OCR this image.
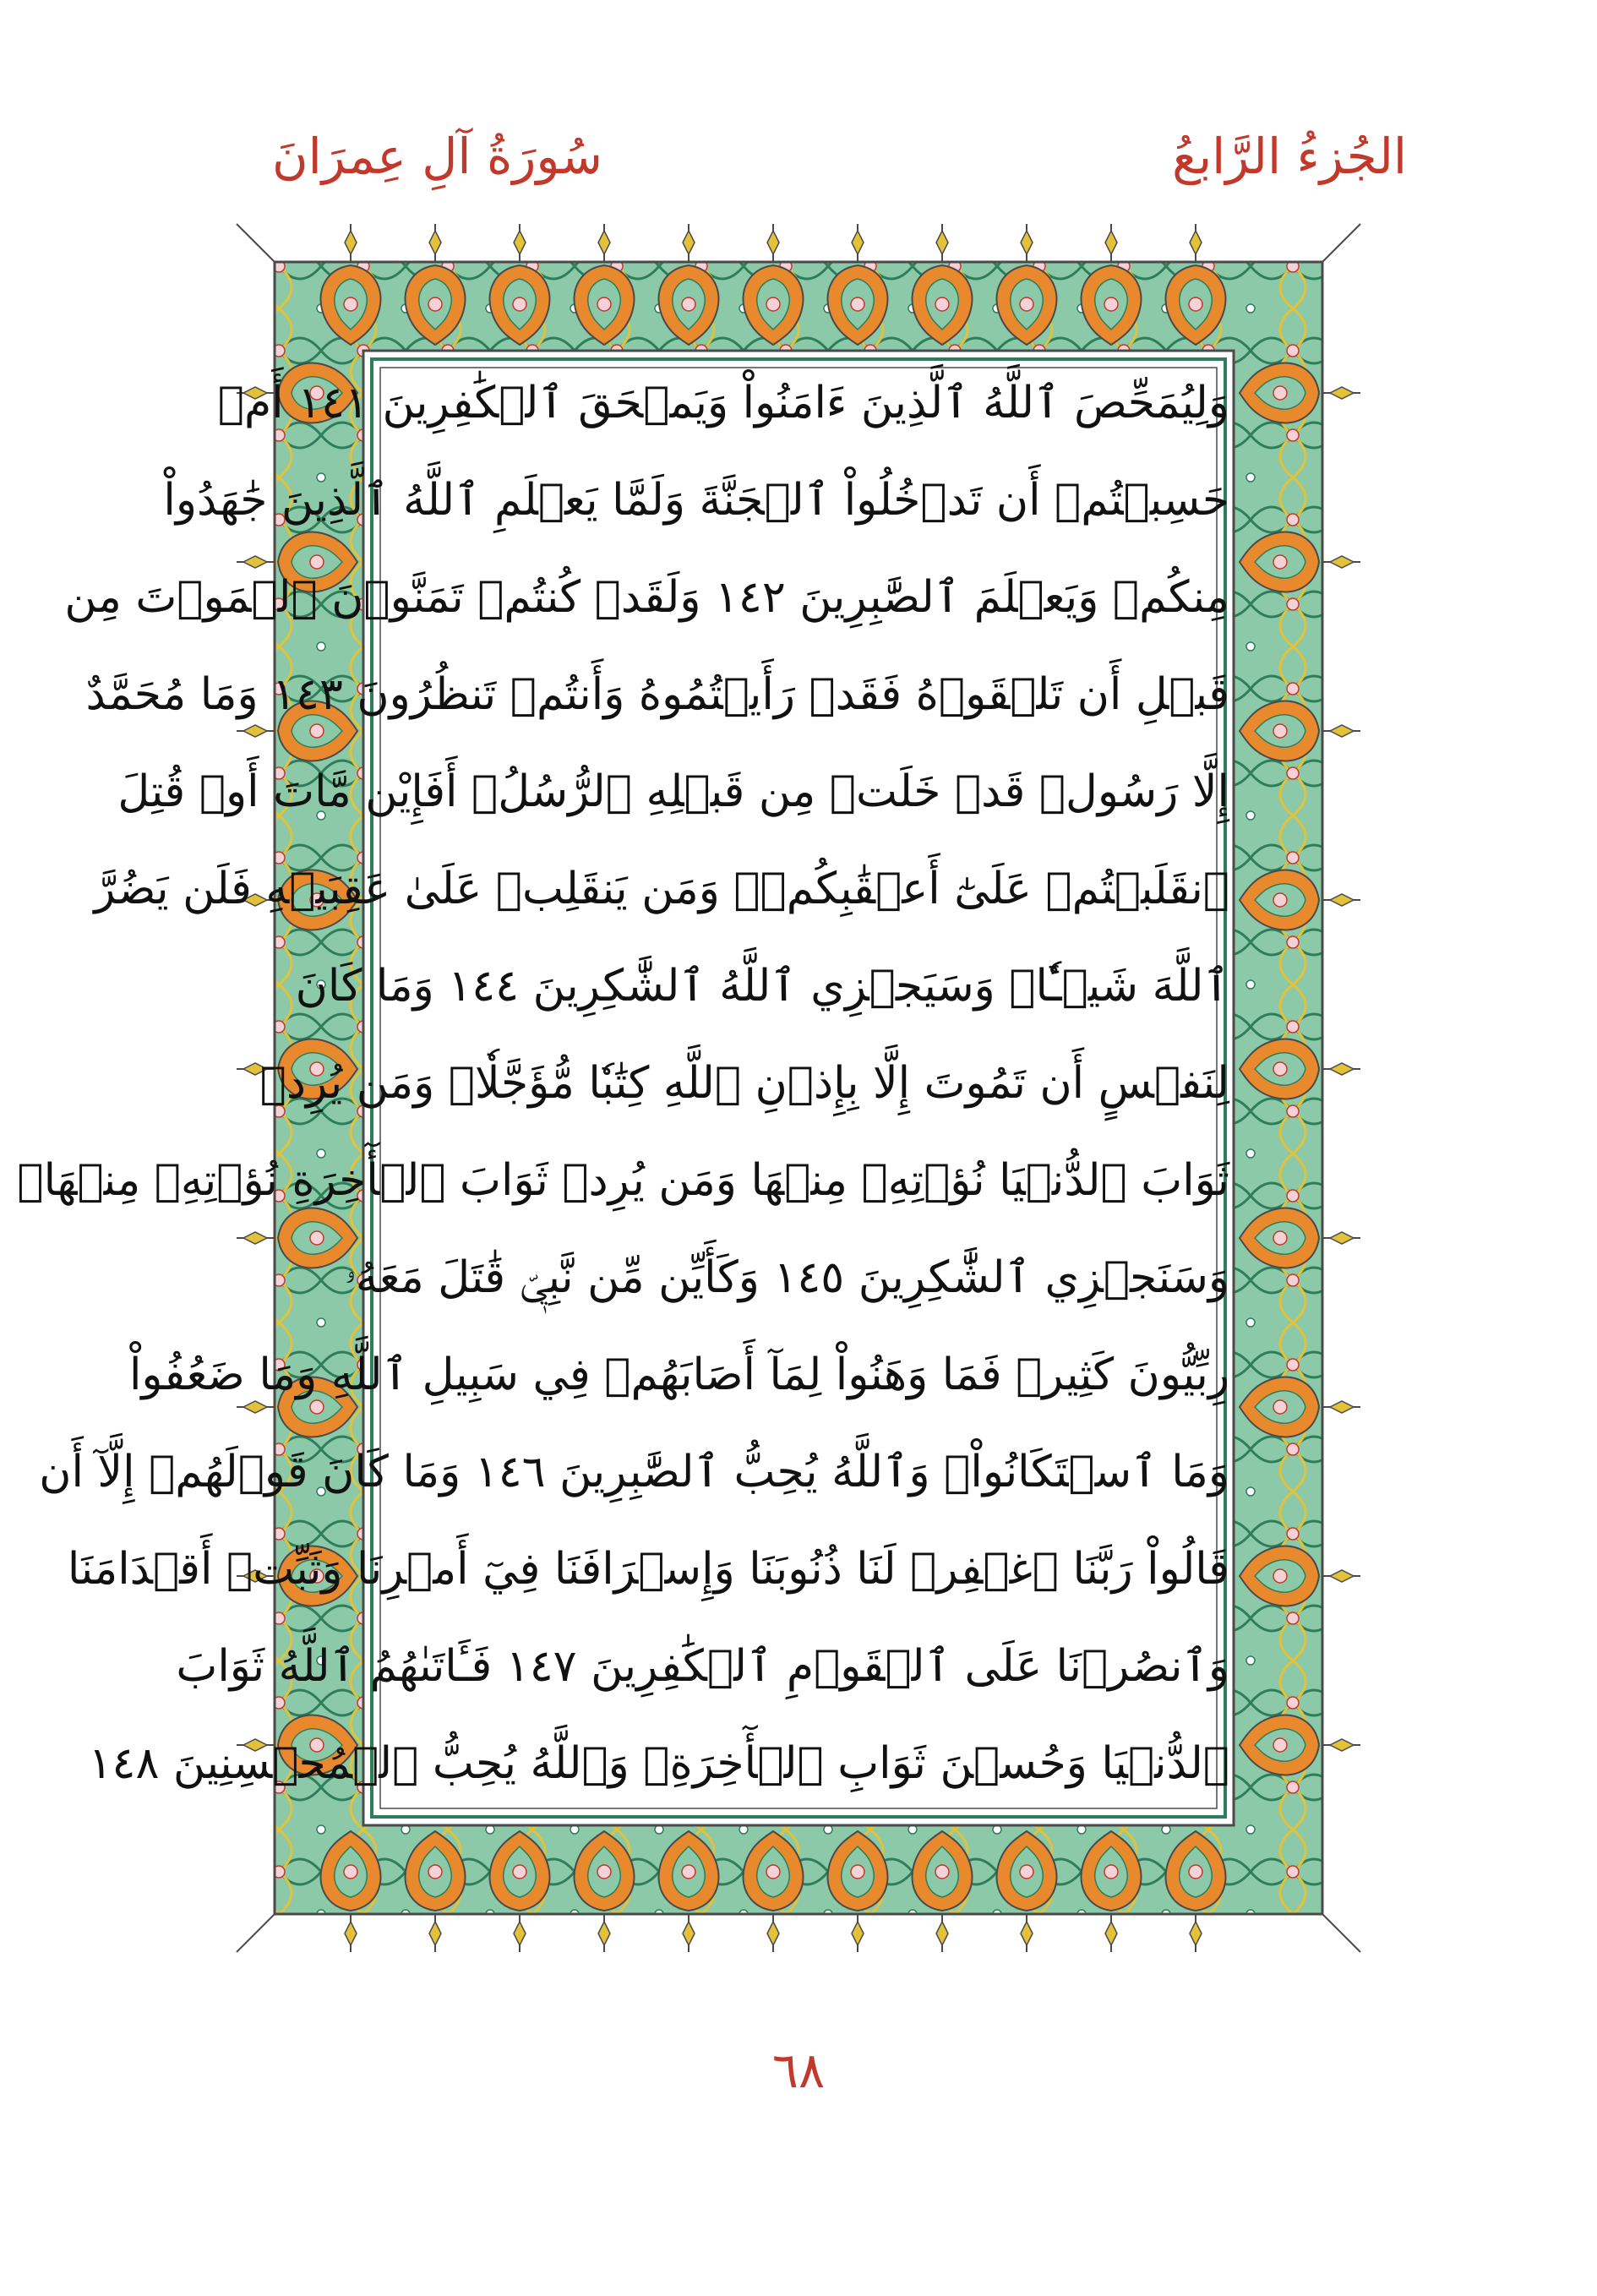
الجُزءُ الرَّابعُ
سُورَةُ آلِ عِمرَانَ
وَلِيُمَحِّصَ ٱللَّهُ ٱلَّذِينَ ءَامَنُواْ وَيَمۡحَقَ ٱلۡكَٰفِرِينَ ١٤١ أَمۡ
حَسِبۡتُمۡ أَن تَدۡخُلُواْ ٱلۡجَنَّةَ وَلَمَّا يَعۡلَمِ ٱللَّهُ ٱلَّذِينَ جَٰهَدُواْ
مِنكُمۡ وَيَعۡلَمَ ٱلصَّٰبِرِينَ ١٤٢ وَلَقَدۡ كُنتُمۡ تَمَنَّوۡنَ ٱلۡمَوۡتَ مِن
قَبۡلِ أَن تَلۡقَوۡهُ فَقَدۡ رَأَيۡتُمُوهُ وَأَنتُمۡ تَنظُرُونَ ١٤٣ وَمَا مُحَمَّدٌ
إِلَّا رَسُولٞ قَدۡ خَلَتۡ مِن قَبۡلِهِ ٱلرُّسُلُۚ أَفَإِيْن مَّاتَ أَوۡ قُتِلَ
ٱنقَلَبۡتُمۡ عَلَىٰٓ أَعۡقَٰبِكُمۡۚ وَمَن يَنقَلِبۡ عَلَىٰ عَقِبَيۡهِ فَلَن يَضُرَّ
ٱللَّهَ شَيۡـٔٗاۗ وَسَيَجۡزِي ٱللَّهُ ٱلشَّٰكِرِينَ ١٤٤ وَمَا كَانَ
لِنَفۡسٍ أَن تَمُوتَ إِلَّا بِإِذۡنِ ٱللَّهِ كِتَٰبٗا مُّؤَجَّلٗاۗ وَمَن يُرِدۡ
ثَوَابَ ٱلدُّنۡيَا نُؤۡتِهِۦ مِنۡهَا وَمَن يُرِدۡ ثَوَابَ ٱلۡأٓخِرَةِ نُؤۡتِهِۦ مِنۡهَاۚ
وَسَنَجۡزِي ٱلشَّٰكِرِينَ ١٤٥ وَكَأَيِّن مِّن نَّبِيّٖ قَٰتَلَ مَعَهُۥ
رِبِّيُّونَ كَثِيرٞ فَمَا وَهَنُواْ لِمَآ أَصَابَهُمۡ فِي سَبِيلِ ٱللَّهِ وَمَا ضَعُفُواْ
وَمَا ٱسۡتَكَانُواْۗ وَٱللَّهُ يُحِبُّ ٱلصَّٰبِرِينَ ١٤٦ وَمَا كَانَ قَوۡلَهُمۡ إِلَّآ أَن
قَالُواْ رَبَّنَا ٱغۡفِرۡ لَنَا ذُنُوبَنَا وَإِسۡرَافَنَا فِيٓ أَمۡرِنَا وَثَبِّتۡ أَقۡدَامَنَا
وَٱنصُرۡنَا عَلَى ٱلۡقَوۡمِ ٱلۡكَٰفِرِينَ ١٤٧ فَـَٔاتَىٰهُمُ ٱللَّهُ ثَوَابَ
ٱلدُّنۡيَا وَحُسۡنَ ثَوَابِ ٱلۡأٓخِرَةِۗ وَٱللَّهُ يُحِبُّ ٱلۡمُحۡسِنِينَ ١٤٨
٦٨
